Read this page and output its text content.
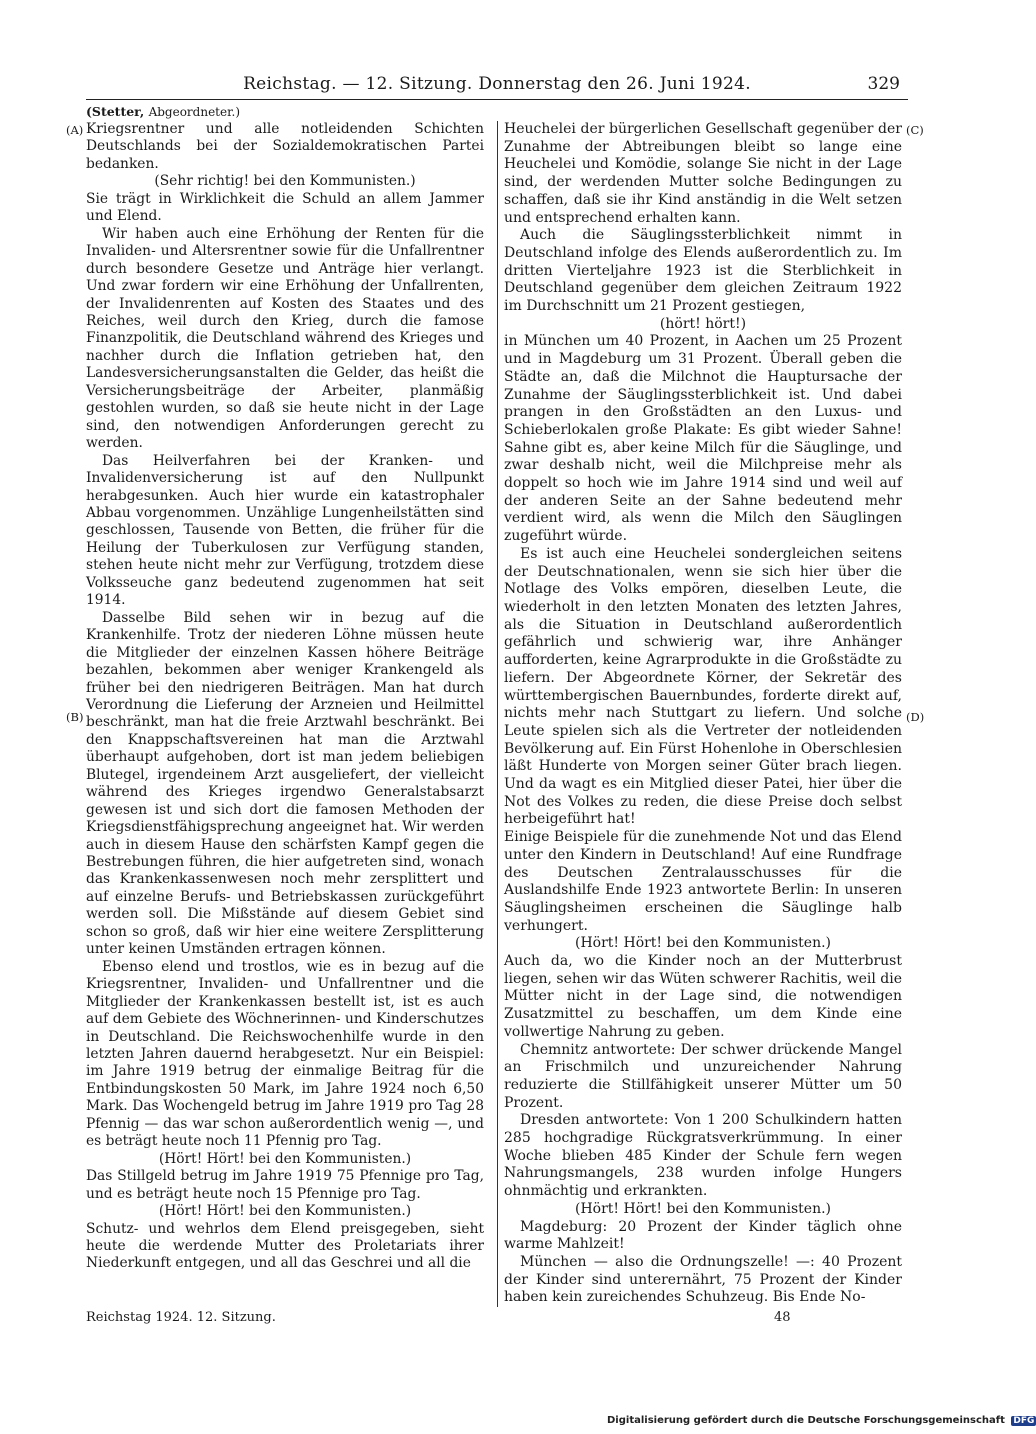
Reichstag. — 12. Sitzung. Donnerstag den 26. Juni 1924.	329
(Stetter, Abgeordneter.)
(A)
(B)
(C)
(D)

Kriegsrentner und alle notleidenden Schichten Deutschlands bei der Sozialdemokratischen Partei bedanken.

(Sehr richtig! bei den Kommunisten.)

Sie trägt in Wirklichkeit die Schuld an allem Jammer und Elend.

Wir haben auch eine Erhöhung der Renten für die Invaliden- und Altersrentner sowie für die Unfallrentner durch besondere Gesetze und Anträge hier verlangt. Und zwar fordern wir eine Erhöhung der Unfallrenten, der Invalidenrenten auf Kosten des Staates und des Reiches, weil durch den Krieg, durch die famose Finanzpolitik, die Deutschland während des Krieges und nachher durch die Inflation getrieben hat, den Landesversicherungsanstalten die Gelder, das heißt die Versicherungsbeiträge der Arbeiter, planmäßig gestohlen wurden, so daß sie heute nicht in der Lage sind, den notwendigen Anforderungen gerecht zu werden.

Das Heilverfahren bei der Kranken- und Invalidenversicherung ist auf den Nullpunkt herabgesunken. Auch hier wurde ein katastrophaler Abbau vorgenommen. Unzählige Lungenheilstätten sind geschlossen, Tausende von Betten, die früher für die Heilung der Tuberkulosen zur Verfügung standen, stehen heute nicht mehr zur Verfügung, trotzdem diese Volksseuche ganz bedeutend zugenommen hat seit 1914.

Dasselbe Bild sehen wir in bezug auf die Krankenhilfe. Trotz der niederen Löhne müssen heute die Mitglieder der einzelnen Kassen höhere Beiträge bezahlen, bekommen aber weniger Krankengeld als früher bei den niedrigeren Beiträgen. Man hat durch Verordnung die Lieferung der Arzneien und Heilmittel beschränkt, man hat die freie Arztwahl beschränkt. Bei den Knappschaftsvereinen hat man die Arztwahl überhaupt aufgehoben, dort ist man jedem beliebigen Blutegel, irgendeinem Arzt ausgeliefert, der vielleicht während des Krieges irgendwo Generalstabsarzt gewesen ist und sich dort die famosen Methoden der Kriegsdienstfähigsprechung angeeignet hat. Wir werden auch in diesem Hause den schärfsten Kampf gegen die Bestrebungen führen, die hier aufgetreten sind, wonach das Krankenkassenwesen noch mehr zersplittert und auf einzelne Berufs- und Betriebskassen zurückgeführt werden soll. Die Mißstände auf diesem Gebiet sind schon so groß, daß wir hier eine weitere Zersplitterung unter keinen Umständen ertragen können.

Ebenso elend und trostlos, wie es in bezug auf die Kriegsrentner, Invaliden- und Unfallrentner und die Mitglieder der Krankenkassen bestellt ist, ist es auch auf dem Gebiete des Wöchnerinnen- und Kinderschutzes in Deutschland. Die Reichswochenhilfe wurde in den letzten Jahren dauernd herabgesetzt. Nur ein Beispiel: im Jahre 1919 betrug der einmalige Beitrag für die Entbindungskosten 50 Mark, im Jahre 1924 noch 6,50 Mark. Das Wochengeld betrug im Jahre 1919 pro Tag 28 Pfennig — das war schon außerordentlich wenig —, und es beträgt heute noch 11 Pfennig pro Tag.

(Hört! Hört! bei den Kommunisten.)

Das Stillgeld betrug im Jahre 1919 75 Pfennige pro Tag, und es beträgt heute noch 15 Pfennige pro Tag.

(Hört! Hört! bei den Kommunisten.)

Schutz- und wehrlos dem Elend preisgegeben, sieht heute die werdende Mutter des Proletariats ihrer Niederkunft entgegen, und all das Geschrei und all die

Heuchelei der bürgerlichen Gesellschaft gegenüber der Zunahme der Abtreibungen bleibt so lange eine Heuchelei und Komödie, solange Sie nicht in der Lage sind, der werdenden Mutter solche Bedingungen zu schaffen, daß sie ihr Kind anständig in die Welt setzen und entsprechend erhalten kann.

Auch die Säuglingssterblichkeit nimmt in Deutschland infolge des Elends außerordentlich zu. Im dritten Vierteljahre 1923 ist die Sterblichkeit in Deutschland gegenüber dem gleichen Zeitraum 1922 im Durchschnitt um 21 Prozent gestiegen,

(hört! hört!)

in München um 40 Prozent, in Aachen um 25 Prozent und in Magdeburg um 31 Prozent. Überall geben die Städte an, daß die Milchnot die Hauptursache der Zunahme der Säuglingssterblichkeit ist. Und dabei prangen in den Großstädten an den Luxus- und Schieberlokalen große Plakate: Es gibt wieder Sahne! Sahne gibt es, aber keine Milch für die Säuglinge, und zwar deshalb nicht, weil die Milchpreise mehr als doppelt so hoch wie im Jahre 1914 sind und weil auf der anderen Seite an der Sahne bedeutend mehr verdient wird, als wenn die Milch den Säuglingen zugeführt würde.

Es ist auch eine Heuchelei sondergleichen seitens der Deutschnationalen, wenn sie sich hier über die Notlage des Volks empören, dieselben Leute, die wiederholt in den letzten Monaten des letzten Jahres, als die Situation in Deutschland außerordentlich gefährlich und schwierig war, ihre Anhänger aufforderten, keine Agrarprodukte in die Großstädte zu liefern. Der Abgeordnete Körner, der Sekretär des württembergischen Bauernbundes, forderte direkt auf, nichts mehr nach Stuttgart zu liefern. Und solche Leute spielen sich als die Vertreter der notleidenden Bevölkerung auf. Ein Fürst Hohenlohe in Oberschlesien läßt Hunderte von Morgen seiner Güter brach liegen. Und da wagt es ein Mitglied dieser Patei, hier über die Not des Volkes zu reden, die diese Preise doch selbst herbeigeführt hat!

Einige Beispiele für die zunehmende Not und das Elend unter den Kindern in Deutschland! Auf eine Rundfrage des Deutschen Zentralausschusses für die Auslandshilfe Ende 1923 antwortete Berlin: In unseren Säuglingsheimen erscheinen die Säuglinge halb verhungert.

(Hört! Hört! bei den Kommunisten.)

Auch da, wo die Kinder noch an der Mutterbrust liegen, sehen wir das Wüten schwerer Rachitis, weil die Mütter nicht in der Lage sind, die notwendigen Zusatzmittel zu beschaffen, um dem Kinde eine vollwertige Nahrung zu geben.

Chemnitz antwortete: Der schwer drückende Mangel an Frischmilch und unzureichender Nahrung reduzierte die Stillfähigkeit unserer Mütter um 50 Prozent.

Dresden antwortete: Von 1 200 Schulkindern hatten 285 hochgradige Rückgratsverkrümmung. In einer Woche blieben 485 Kinder der Schule fern wegen Nahrungsmangels, 238 wurden infolge Hungers ohnmächtig und erkrankten.

(Hört! Hört! bei den Kommunisten.)

Magdeburg: 20 Prozent der Kinder täglich ohne warme Mahlzeit!

München — also die Ordnungszelle! —: 40 Prozent der Kinder sind unterernährt, 75 Prozent der Kinder haben kein zureichendes Schuhzeug. Bis Ende No-

Reichstag 1924. 12. Sitzung.	48
Digitalisierung gefördert durch die Deutsche Forschungsgemeinschaft DFG
